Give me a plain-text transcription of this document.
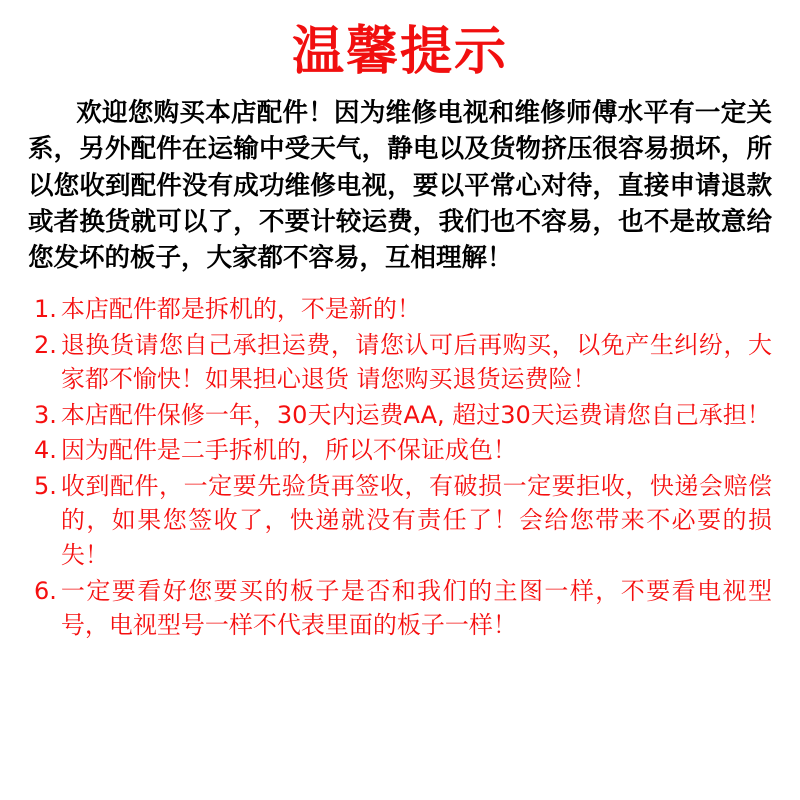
温馨提示
欢迎您购买本店配件！因为维修电视和维修师傅水平有一定关系，另外配件在运输中受天气，静电以及货物挤压很容易损坏，所以您收到配件没有成功维修电视，要以平常心对待，直接申请退款或者换货就可以了，不要计较运费，我们也不容易，也不是故意给您发坏的板子，大家都不容易，互相理解！
1. 本店配件都是拆机的，不是新的！
2. 退换货请您自己承担运费，请您认可后再购买，以免产生纠纷，大家都不愉快！如果担心退货 请您购买退货运费险！
3. 本店配件保修一年，30天内运费AA, 超过30天运费请您自己承担！
4. 因为配件是二手拆机的，所以不保证成色！
5. 收到配件，一定要先验货再签收，有破损一定要拒收，快递会赔偿的，如果您签收了，快递就没有责任了！会给您带来不必要的损失！
6. 一定要看好您要买的板子是否和我们的主图一样，不要看电视型号，电视型号一样不代表里面的板子一样！
